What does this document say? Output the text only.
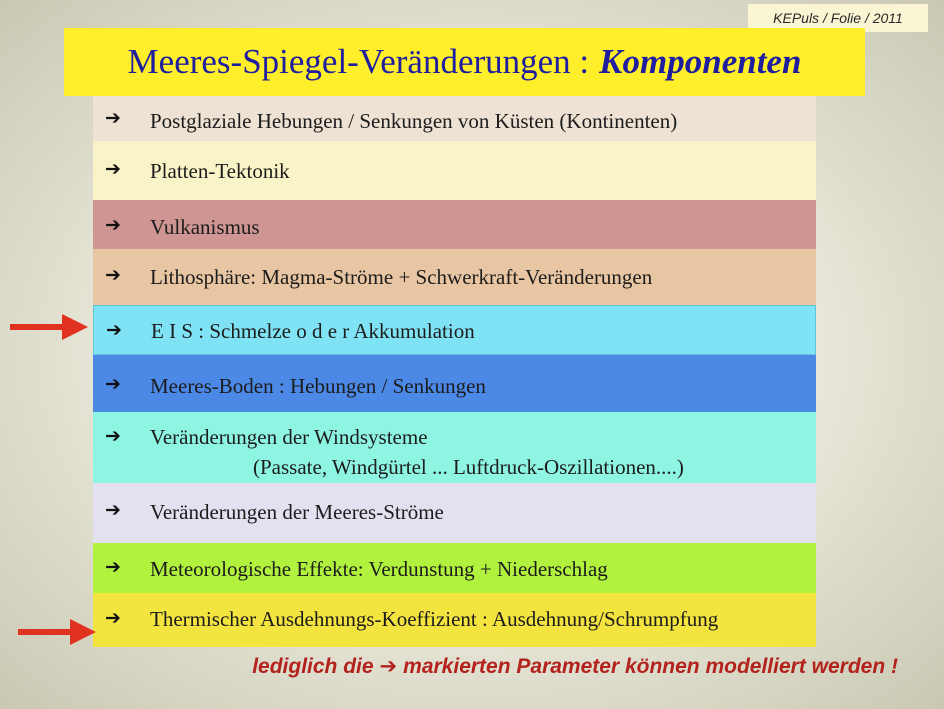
KEPuls / Folie / 2011
Meeres-Spiegel-Veränderungen : Komponenten
➔ Postglaziale Hebungen / Senkungen von Küsten (Kontinenten)
➔ Platten-Tektonik
➔ Vulkanismus
➔ Lithosphäre: Magma-Ströme + Schwerkraft-Veränderungen
➔ E I S : Schmelze o d e r Akkumulation
➔ Meeres-Boden : Hebungen / Senkungen
➔ Veränderungen der Windsysteme
(Passate, Windgürtel ... Luftdruck-Oszillationen....)
➔ Veränderungen der Meeres-Ströme
➔ Meteorologische Effekte: Verdunstung + Niederschlag
➔ Thermischer Ausdehnungs-Koeffizient : Ausdehnung/Schrumpfung
lediglich die ➔ markierten Parameter können modelliert werden !
